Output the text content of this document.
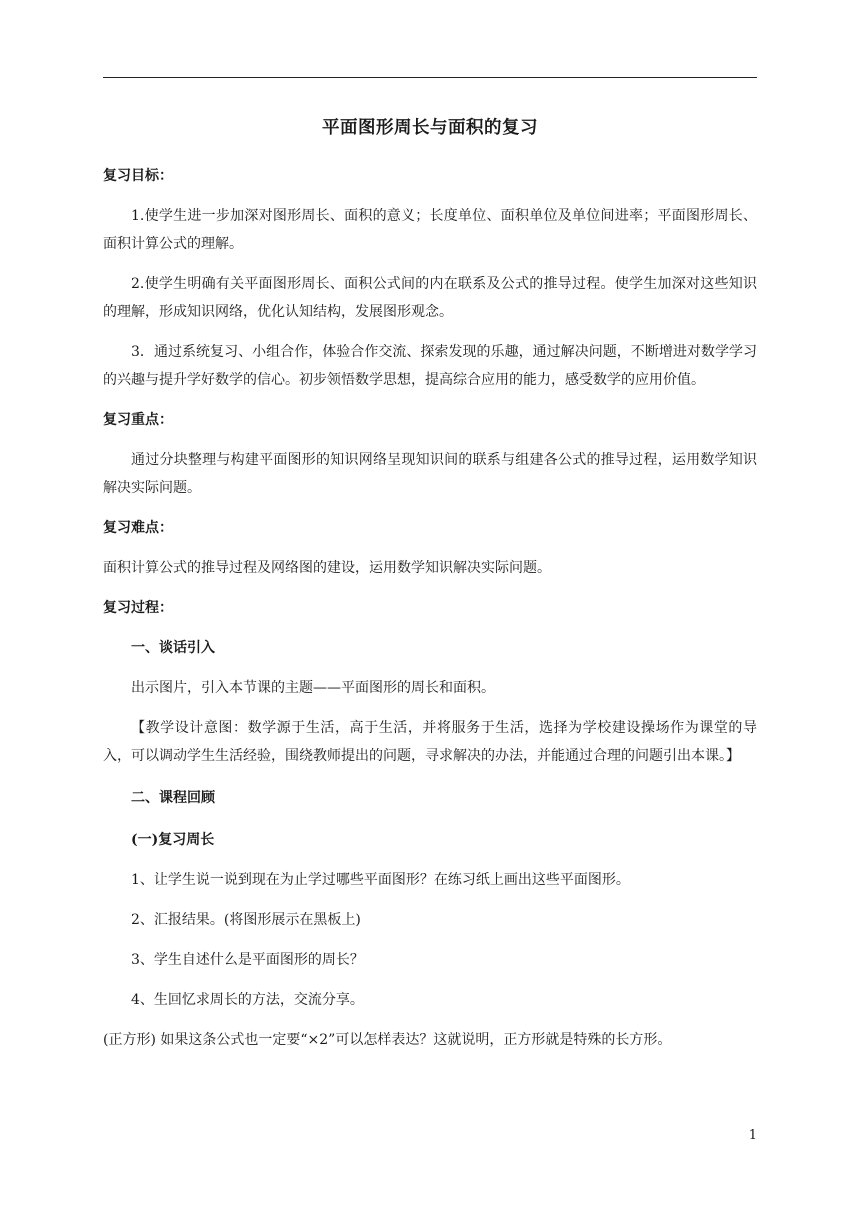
平面图形周长与面积的复习
复习目标：

1.使学生进一步加深对图形周长、面积的意义；长度单位、面积单位及单位间进率；平面图形周长、面积计算公式的理解。

2.使学生明确有关平面图形周长、面积公式间的内在联系及公式的推导过程。使学生加深对这些知识的理解，形成知识网络，优化认知结构，发展图形观念。

3．通过系统复习、小组合作，体验合作交流、探索发现的乐趣，通过解决问题，不断增进对数学学习的兴趣与提升学好数学的信心。初步领悟数学思想，提高综合应用的能力，感受数学的应用价值。

复习重点：

通过分块整理与构建平面图形的知识网络呈现知识间的联系与组建各公式的推导过程，运用数学知识解决实际问题。

复习难点：

面积计算公式的推导过程及网络图的建设，运用数学知识解决实际问题。

复习过程：
一、谈话引入

出示图片，引入本节课的主题——平面图形的周长和面积。

【教学设计意图：数学源于生活，高于生活，并将服务于生活，选择为学校建设操场作为课堂的导入，可以调动学生生活经验，围绕教师提出的问题，寻求解决的办法，并能通过合理的问题引出本课。】

二、课程回顾
(一)复习周长

1、让学生说一说到现在为止学过哪些平面图形？在练习纸上画出这些平面图形。

2、汇报结果。(将图形展示在黑板上)

3、学生自述什么是平面图形的周长？

4、生回忆求周长的方法，交流分享。

(正方形) 如果这条公式也一定要“×2”可以怎样表达？这就说明，正方形就是特殊的长方形。

1
